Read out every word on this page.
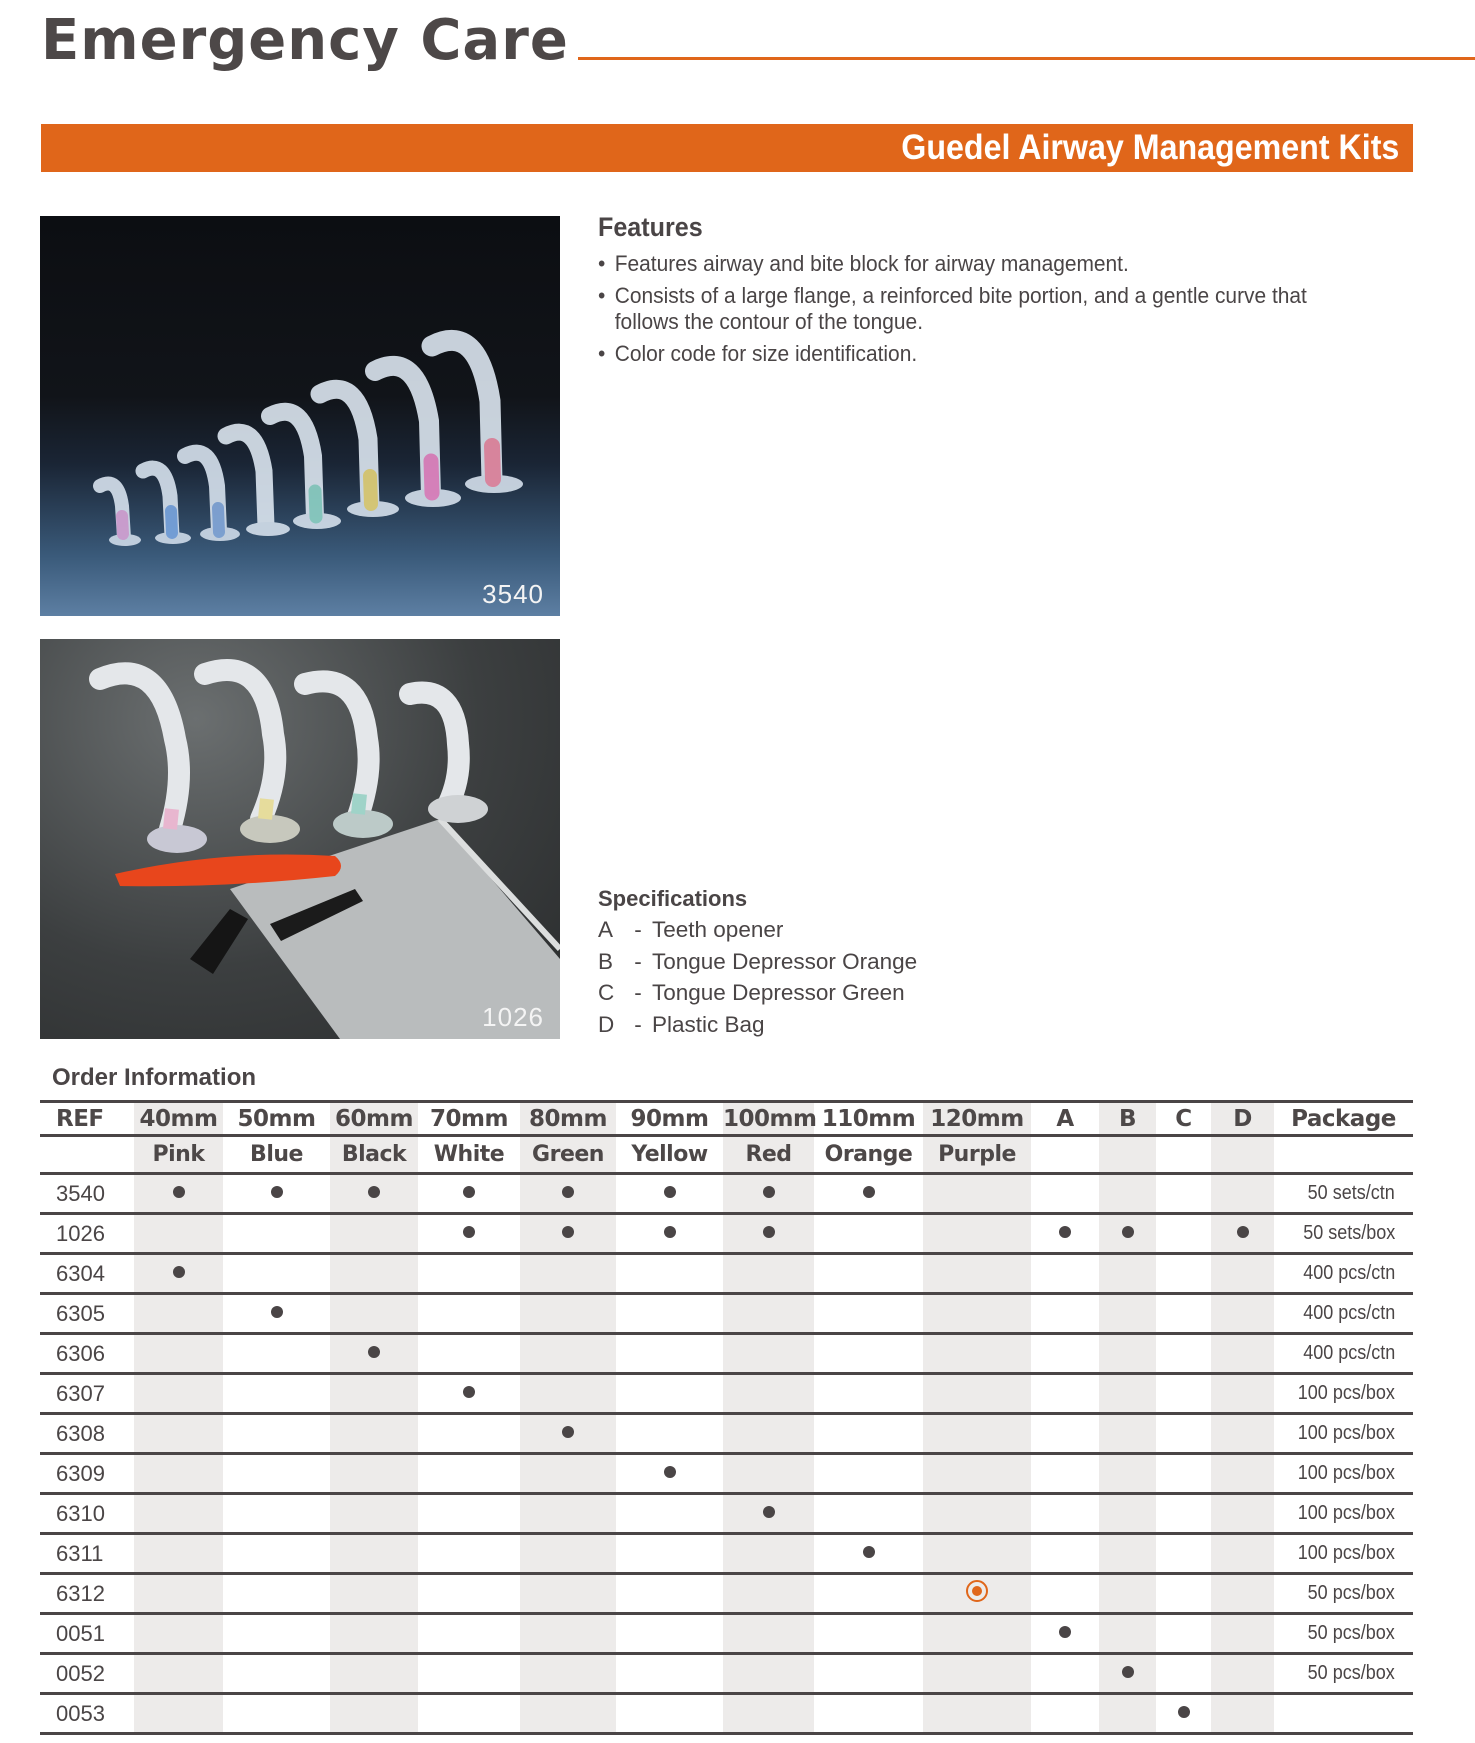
Emergency Care
Guedel Airway Management Kits
3540
1026
Features
• Features airway and bite block for airway management.
• Consists of a large flange, a reinforced bite portion, and a gentle curve that follows the contour of the tongue.
• Color code for size identification.
Specifications
A - Teeth opener
B - Tongue Depressor Orange
C - Tongue Depressor Green
D - Plastic Bag
Order Information
REF	40mm	50mm	60mm	70mm	80mm	90mm	100mm	110mm	120mm	A	B	C	D	Package
	Pink	Blue	Black	White	Green	Yellow	Red	Orange	Purple					
3540														50 sets/ctn
1026														50 sets/box
6304														400 pcs/ctn
6305														400 pcs/ctn
6306														400 pcs/ctn
6307														100 pcs/box
6308														100 pcs/box
6309														100 pcs/box
6310														100 pcs/box
6311														100 pcs/box
6312														50 pcs/box
0051														50 pcs/box
0052														50 pcs/box
0053														
